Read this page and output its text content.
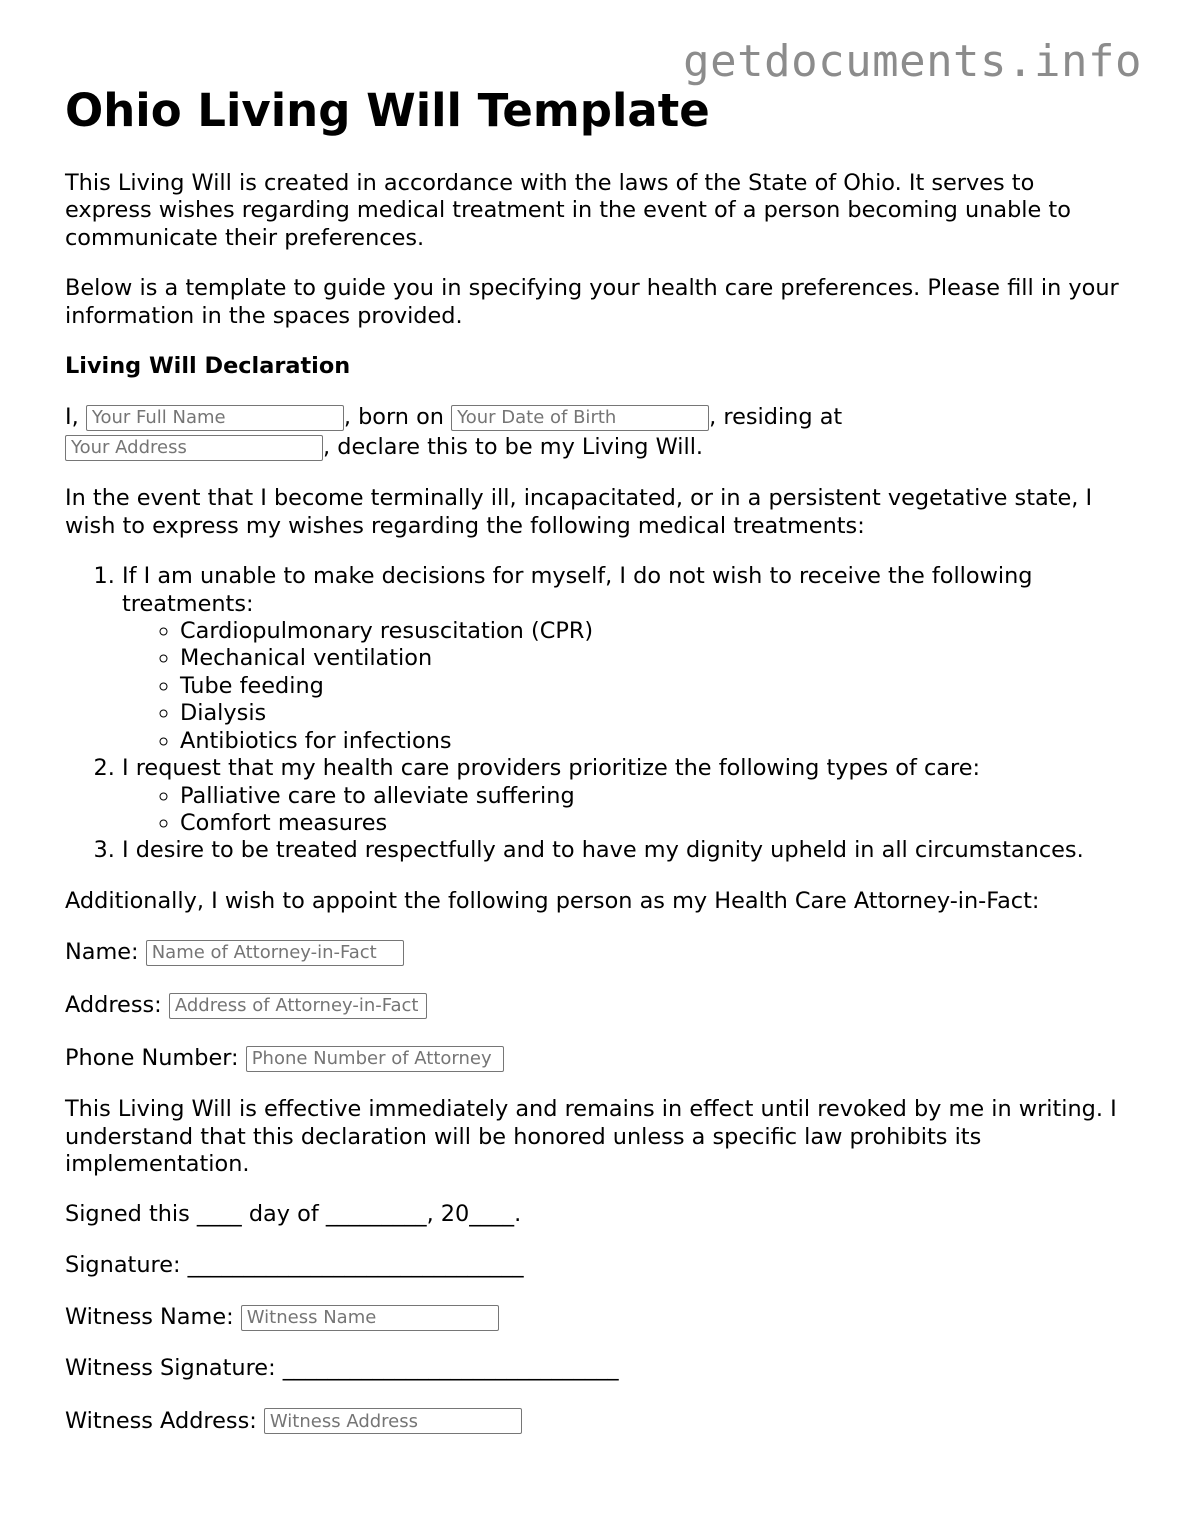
getdocuments.info
Ohio Living Will Template

This Living Will is created in accordance with the laws of the State of Ohio. It serves to express wishes regarding medical treatment in the event of a person becoming unable to communicate their preferences.

Below is a template to guide you in specifying your health care preferences. Please fill in your information in the spaces provided.

Living Will Declaration

I, Your Full Name	, born on Your Date of Birth	, residing at
Your Address, declare this to be my Living Will.

In the event that I become terminally ill, incapacitated, or in a persistent vegetative state, I wish to express my wishes regarding the following medical treatments:

1. If I am unable to make decisions for myself, I do not wish to receive the following treatments:
◦ Cardiopulmonary resuscitation (CPR)
◦ Mechanical ventilation
◦ Tube feeding
◦ Dialysis
◦ Antibiotics for infections
2. I request that my health care providers prioritize the following types of care:
◦ Palliative care to alleviate suffering
◦ Comfort measures
3. I desire to be treated respectfully and to have my dignity upheld in all circumstances.

Additionally, I wish to appoint the following person as my Health Care Attorney-in-Fact:

Name: Name of Attorney-in-Fact

Address: Address of Attorney-in-Fact

Phone Number: Phone Number of Attorney

This Living Will is effective immediately and remains in effect until revoked by me in writing. I understand that this declaration will be honored unless a specific law prohibits its implementation.

Signed this ____ day of _________, 20____.

Signature: ______________________________

Witness Name: Witness Name

Witness Signature: ______________________________

Witness Address: Witness Address
